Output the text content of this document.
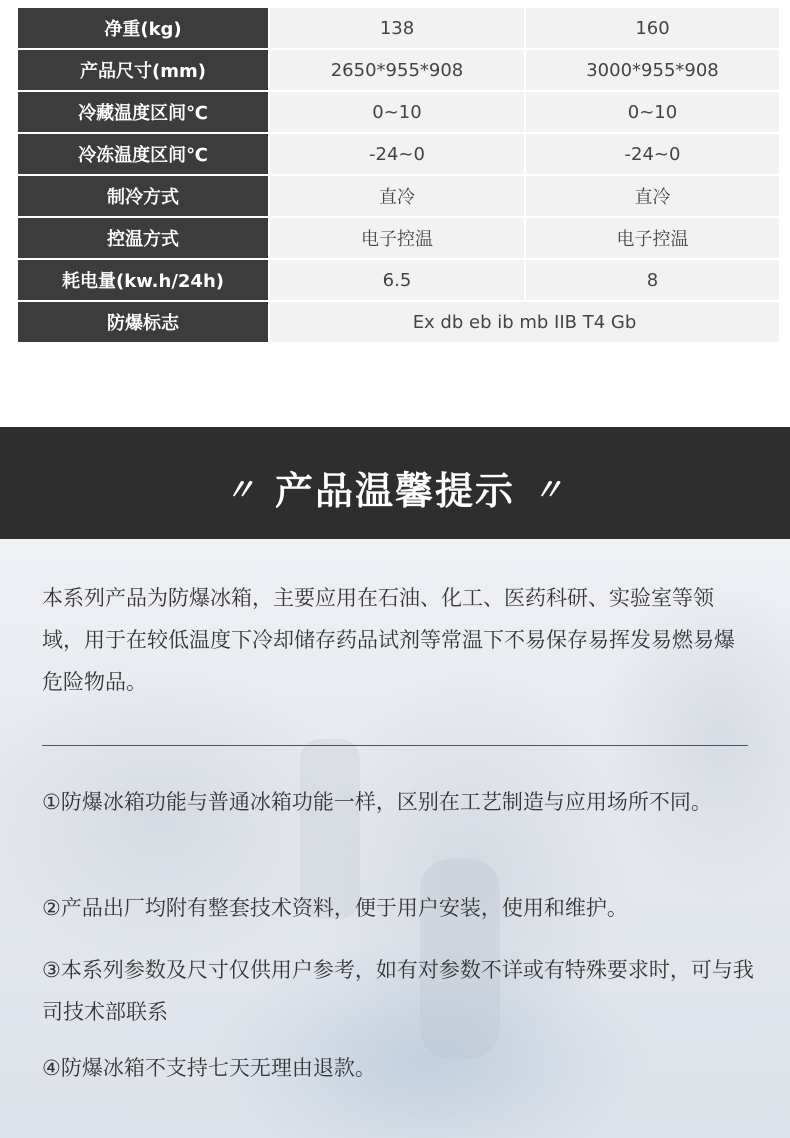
净重(kg)	138	160
产品尺寸(mm)	2650*955*908	3000*955*908
冷藏温度区间℃	0~10	0~10
冷冻温度区间℃	-24~0	-24~0
制冷方式	直冷	直冷
控温方式	电子控温	电子控温
耗电量(kw.h/24h)	6.5	8
防爆标志	Ex db eb ib mb IIB T4 Gb	
〃 产品温馨提示 〃
本系列产品为防爆冰箱，主要应用在石油、化工、医药科研、实验室等领域，用于在较低温度下冷却储存药品试剂等常温下不易保存易挥发易燃易爆危险物品。
①防爆冰箱功能与普通冰箱功能一样，区别在工艺制造与应用场所不同。
②产品出厂均附有整套技术资料，便于用户安装，使用和维护。
③本系列参数及尺寸仅供用户参考，如有对参数不详或有特殊要求时，可与我司技术部联系
④防爆冰箱不支持七天无理由退款。
